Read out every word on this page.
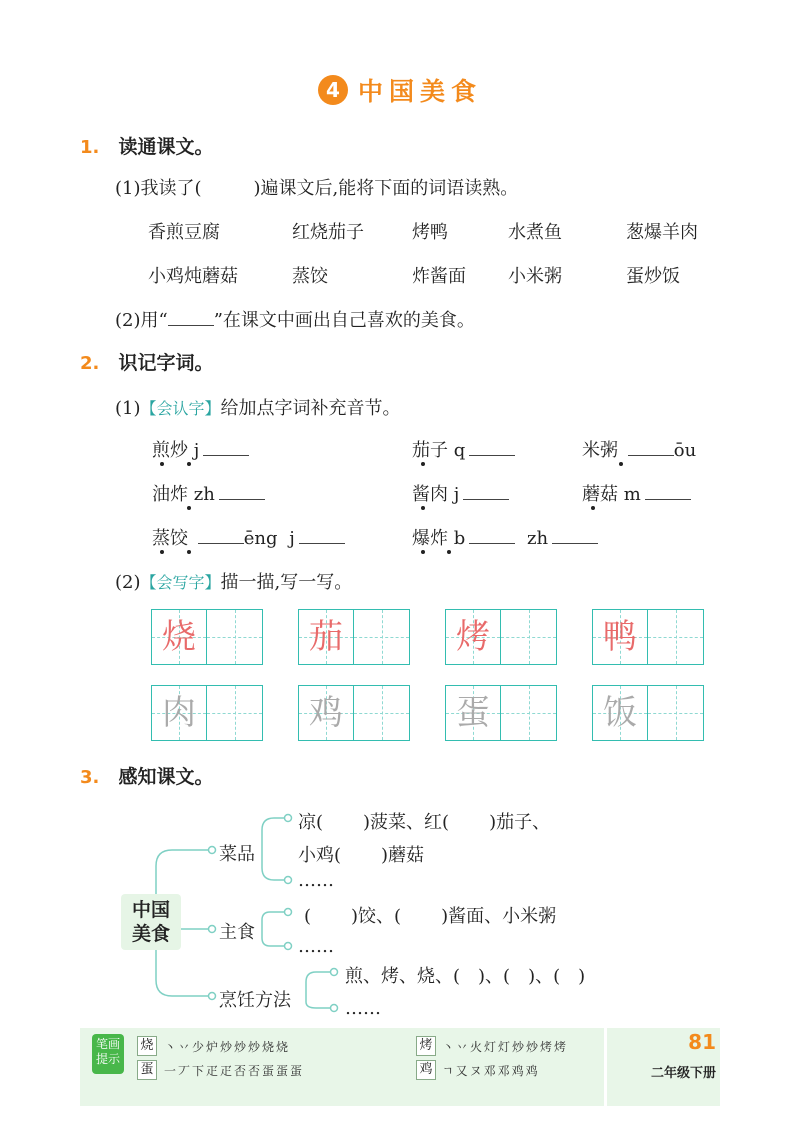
4 中国美食
1. 读通课文。
(1)我读了(	)遍课文后,能将下面的词语读熟。
香煎豆腐	红烧茄子	烤鸭	水煮鱼	葱爆羊肉
小鸡炖蘑菇	蒸饺	炸酱面 小米粥	蛋炒饭
(2)用“	”在课文中画出自己喜欢的美食。
2. 识记字词。
(1)【会认字】给加点字词补充音节。
煎炒 j	茄子 q	米粥	ōu
油炸 zh	酱肉 j	蘑菇 m
蒸饺	ēng j	爆炸 b	zh
(2)【会写字】描一描,写一写。
烧	茄	烤	鸭
肉	鸡	蛋	饭
3. 感知课文。
中国
美食
菜品
主食
烹饪方法
凉( )菠菜、红( )茄子、
小鸡( )蘑菇
……
( )饺、( )酱面、小米粥
……
煎、烤、烧、(　)、(　)、(　)
……
笔画
提示
烧 丶丷少炉炒炒炒烧烧
蛋 一丆下疋疋否否蛋蛋蛋
烤 丶丷火灯灯炒炒烤烤
鸡 ㄱ又ヌ邓邓鸡鸡
81
二年级下册
